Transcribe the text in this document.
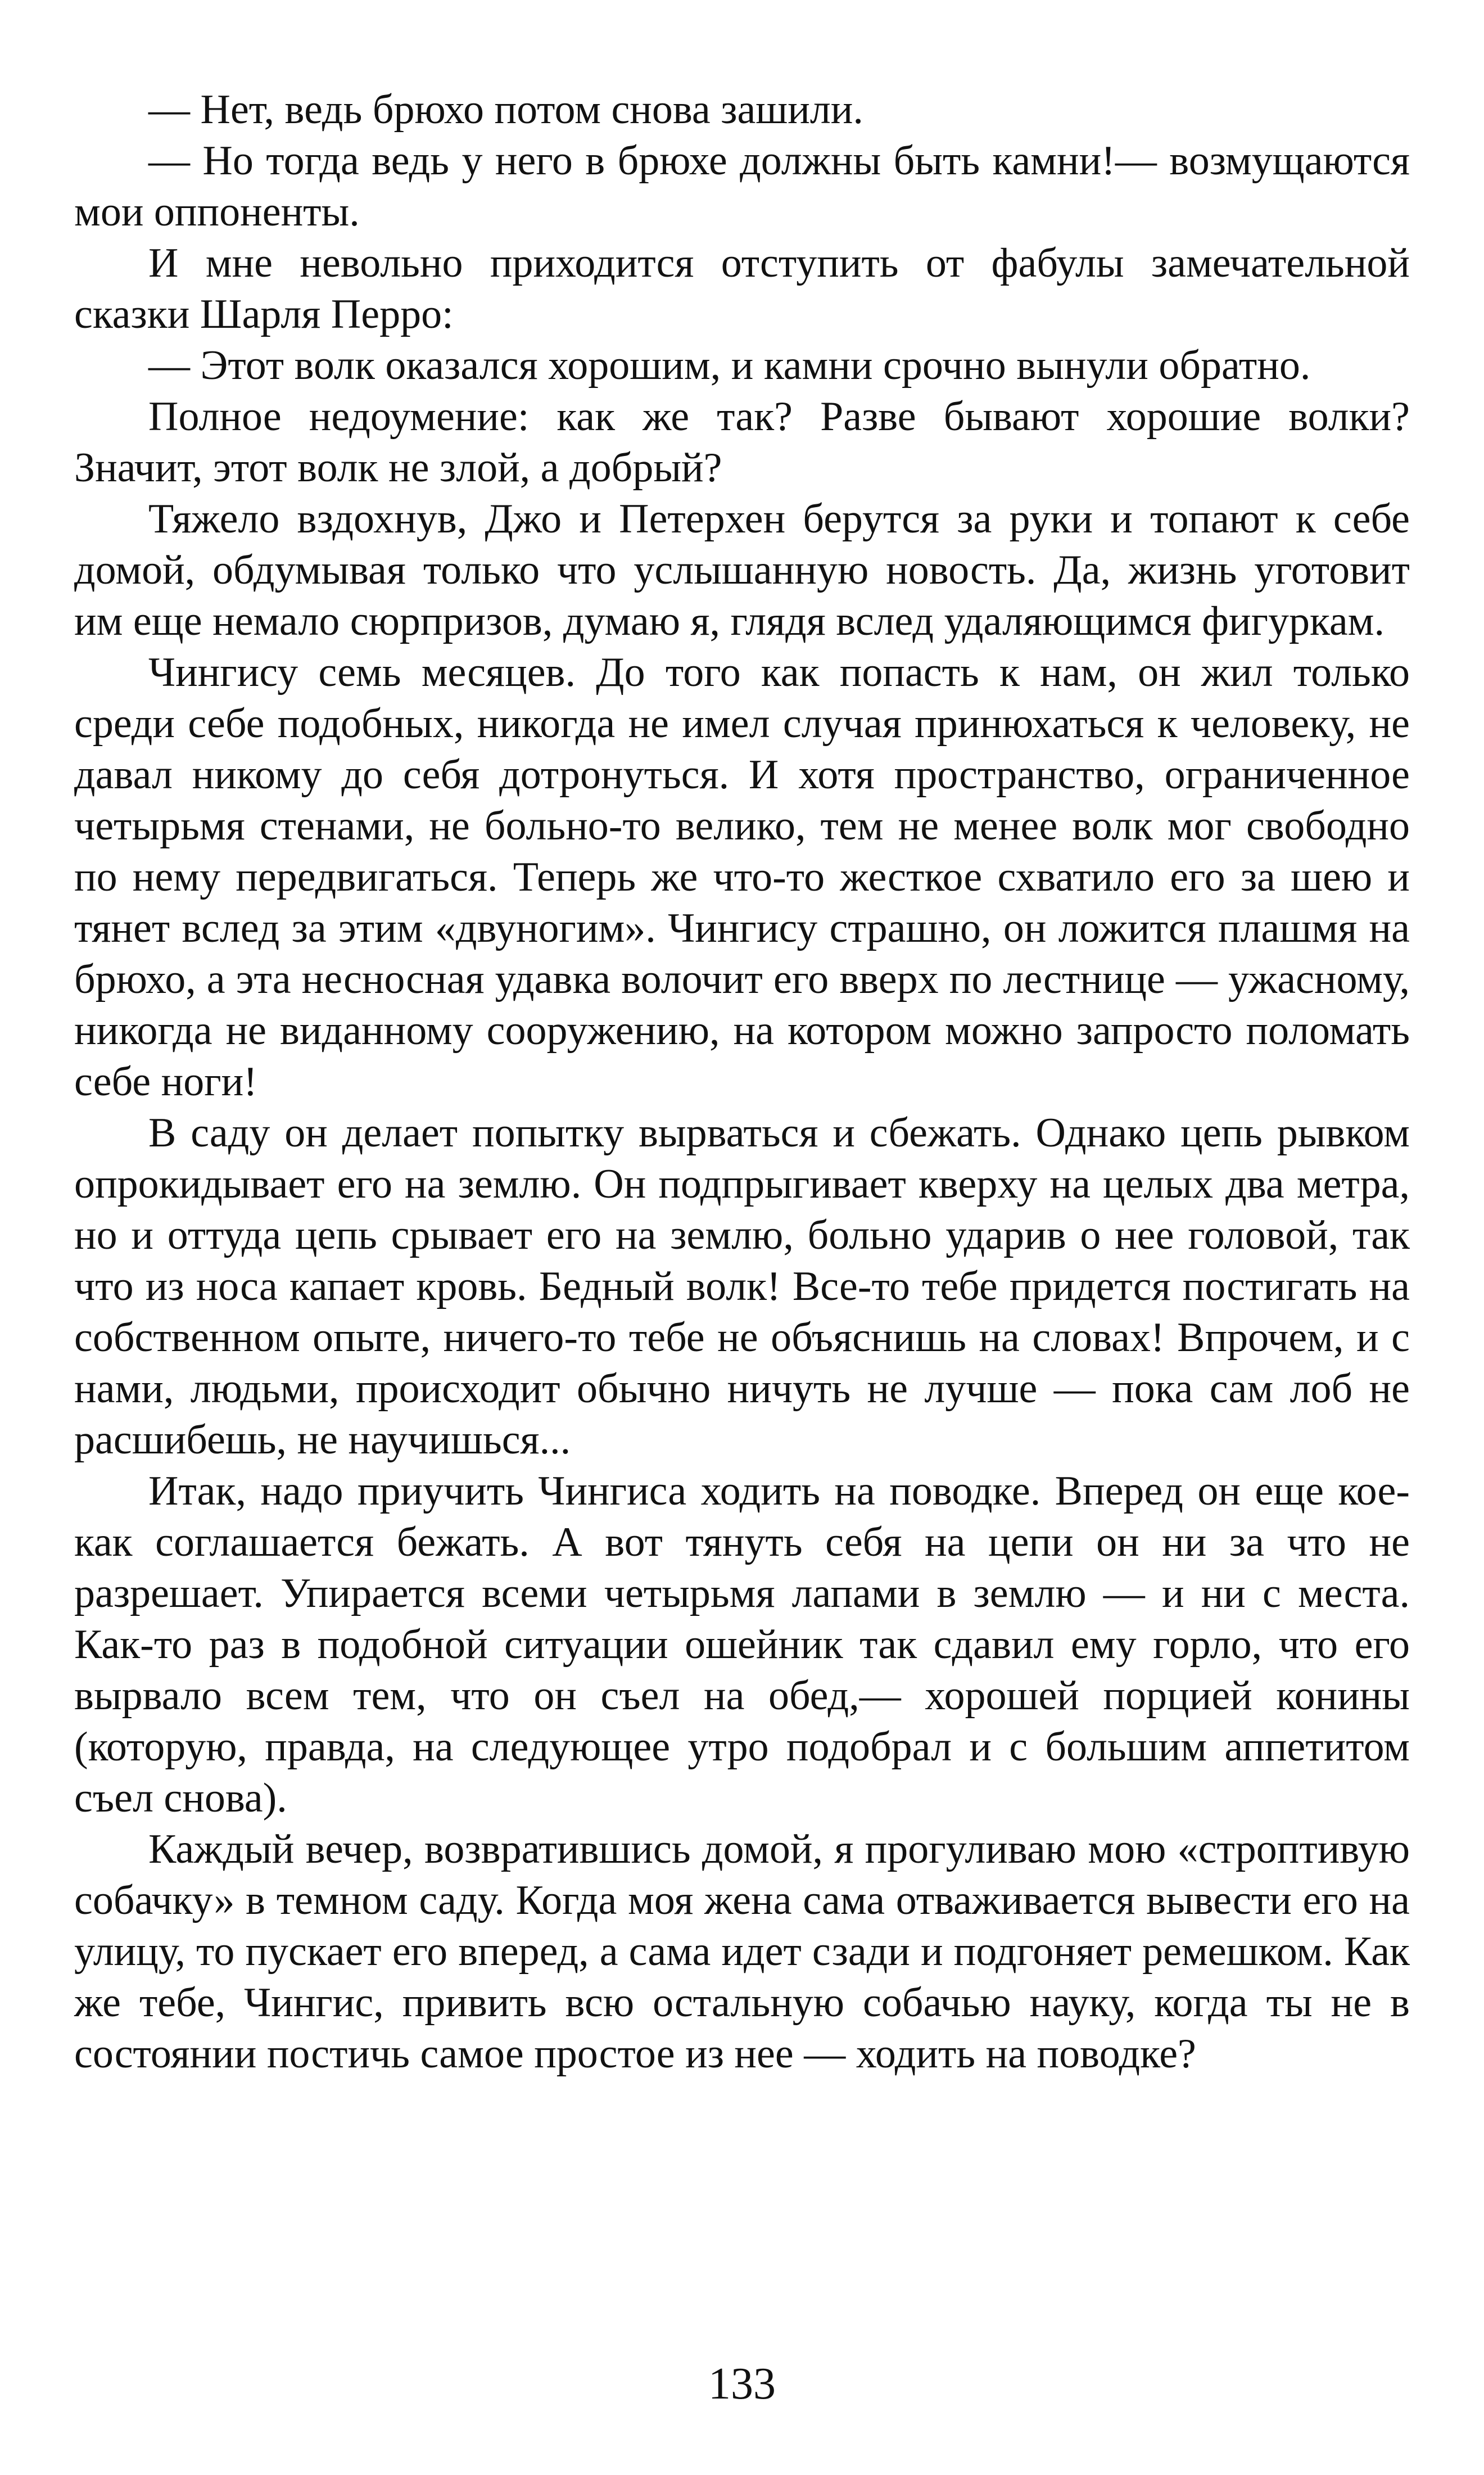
— Нет, ведь брюхо потом снова зашили.

— Но тогда ведь у него в брюхе должны быть камни!— возмущаются мои оппоненты.

И мне невольно приходится отступить от фабулы замечательной сказки Шарля Перро:

— Этот волк оказался хорошим, и камни срочно вынули обратно.

Полное недоумение: как же так? Разве бывают хорошие волки? Значит, этот волк не злой, а добрый?

Тяжело вздохнув, Джо и Петерхен берутся за руки и топают к себе домой, обдумывая только что услышанную новость. Да, жизнь уготовит им еще немало сюрпризов, думаю я, глядя вслед удаляющимся фигуркам.

Чингису семь месяцев. До того как попасть к нам, он жил только среди себе подобных, никогда не имел случая принюхаться к человеку, не давал никому до себя дотронуться. И хотя пространство, ограниченное четырьмя стенами, не больно-то велико, тем не менее волк мог свободно по нему передвигаться. Теперь же что-то жесткое схватило его за шею и тянет вслед за этим «двуногим». Чингису страшно, он ложится плашмя на брюхо, а эта несносная удавка волочит его вверх по лестнице — ужасному, никогда не виданному сооружению, на котором можно запросто поломать себе ноги!

В саду он делает попытку вырваться и сбежать. Однако цепь рывком опрокидывает его на землю. Он подпрыгивает кверху на целых два метра, но и оттуда цепь срывает его на землю, больно ударив о нее головой, так что из носа капает кровь. Бедный волк! Все-то тебе придется постигать на собственном опыте, ничего-то тебе не объяснишь на словах! Впрочем, и с нами, людьми, происходит обычно ничуть не лучше — пока сам лоб не расшибешь, не научишься...

Итак, надо приучить Чингиса ходить на поводке. Вперед он еще кое-как соглашается бежать. А вот тянуть себя на цепи он ни за что не разрешает. Упирается всеми четырьмя лапами в землю — и ни с места. Как-то раз в подобной ситуации ошейник так сдавил ему горло, что его вырвало всем тем, что он съел на обед,— хорошей порцией конины (которую, правда, на следующее утро подобрал и с большим аппетитом съел снова).

Каждый вечер, возвратившись домой, я прогуливаю мою «строптивую собачку» в темном саду. Когда моя жена сама отваживается вывести его на улицу, то пускает его вперед, а сама идет сзади и подгоняет ремешком. Как же тебе, Чингис, привить всю остальную собачью науку, когда ты не в состоянии постичь самое простое из нее — ходить на поводке?

133
